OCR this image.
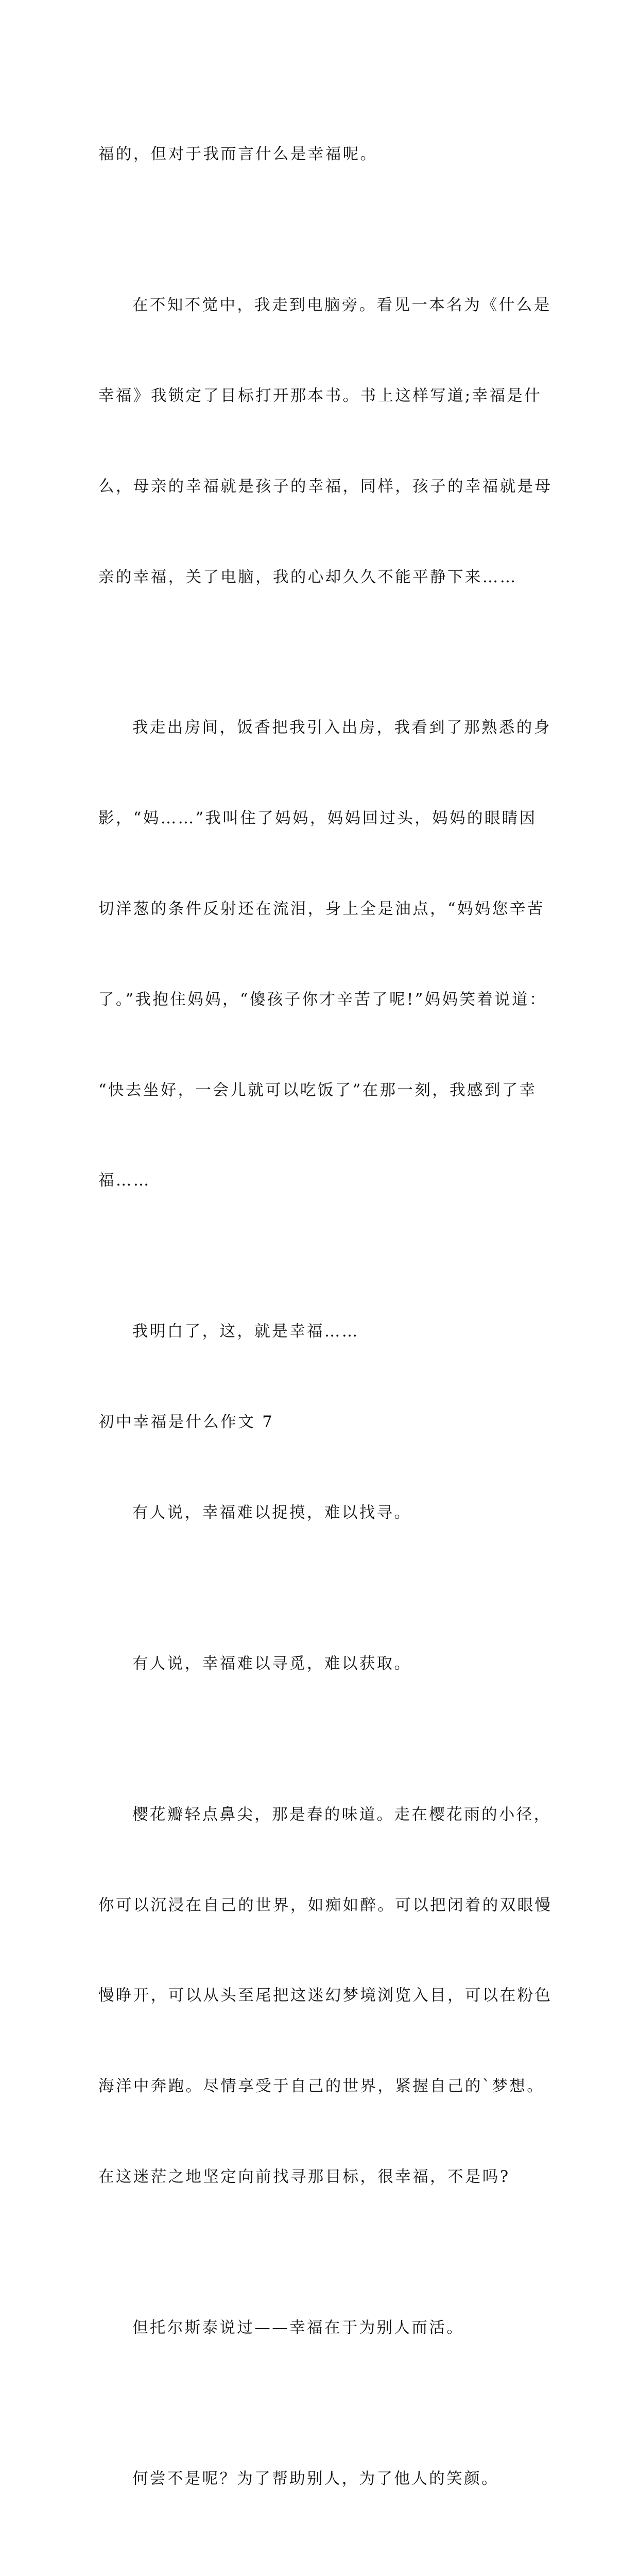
福的，但对于我而言什么是幸福呢。

在不知不觉中，我走到电脑旁。看见一本名为《什么是

幸福》我锁定了目标打开那本书。书上这样写道;幸福是什

么，母亲的幸福就是孩子的幸福，同样，孩子的幸福就是母

亲的幸福，关了电脑，我的心却久久不能平静下来……

我走出房间，饭香把我引入出房，我看到了那熟悉的身

影，“妈……”我叫住了妈妈，妈妈回过头，妈妈的眼睛因

切洋葱的条件反射还在流泪，身上全是油点，“妈妈您辛苦

了。”我抱住妈妈，“傻孩子你才辛苦了呢!”妈妈笑着说道：

“快去坐好，一会儿就可以吃饭了”在那一刻，我感到了幸

福……

我明白了，这，就是幸福……

初中幸福是什么作文 7

有人说，幸福难以捉摸，难以找寻。

有人说，幸福难以寻觅，难以获取。

樱花瓣轻点鼻尖，那是春的味道。走在樱花雨的小径，

你可以沉浸在自己的世界，如痴如醉。可以把闭着的双眼慢

慢睁开，可以从头至尾把这迷幻梦境浏览入目，可以在粉色

海洋中奔跑。尽情享受于自己的世界，紧握自己的`梦想。

在这迷茫之地坚定向前找寻那目标，很幸福，不是吗?

但托尔斯泰说过——幸福在于为别人而活。

何尝不是呢？为了帮助别人，为了他人的笑颜。
